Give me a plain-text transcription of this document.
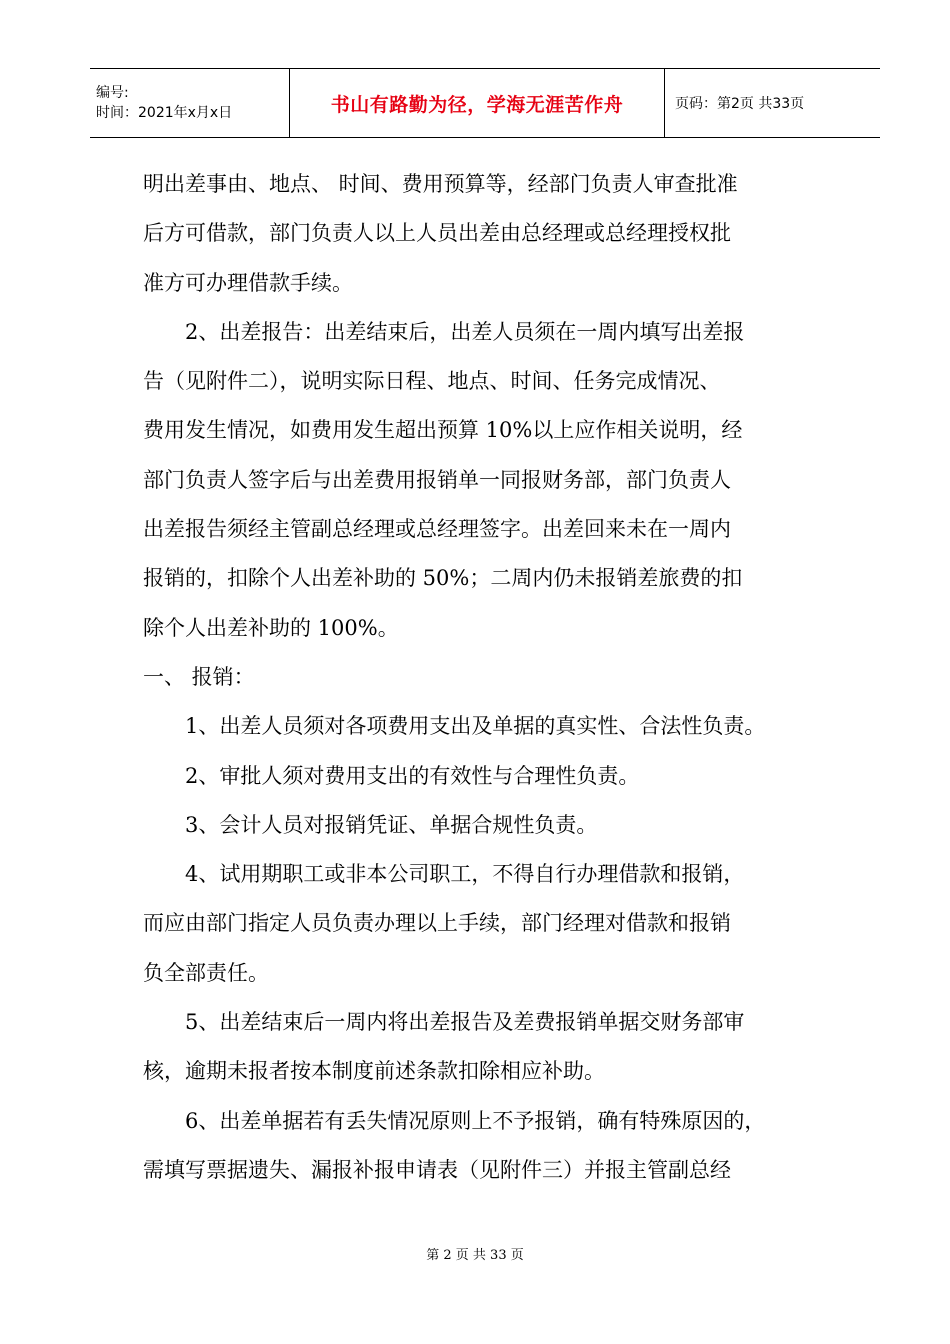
编号:
时间：2021年x月x日	书山有路勤为径，学海无涯苦作舟	页码：第2页 共33页
明出差事由、地点、 时间、费用预算等，经部门负责人审查批准
后方可借款，部门负责人以上人员出差由总经理或总经理授权批
准方可办理借款手续。
2、出差报告：出差结束后，出差人员须在一周内填写出差报
告（见附件二），说明实际日程、地点、时间、任务完成情况、
费用发生情况，如费用发生超出预算 10%以上应作相关说明，经
部门负责人签字后与出差费用报销单一同报财务部，部门负责人
出差报告须经主管副总经理或总经理签字。出差回来未在一周内
报销的，扣除个人出差补助的 50%；二周内仍未报销差旅费的扣
除个人出差补助的 100%。
一、 报销：
1、出差人员须对各项费用支出及单据的真实性、合法性负责。
2、审批人须对费用支出的有效性与合理性负责。
3、会计人员对报销凭证、单据合规性负责。
4、试用期职工或非本公司职工，不得自行办理借款和报销，
而应由部门指定人员负责办理以上手续，部门经理对借款和报销
负全部责任。
5、出差结束后一周内将出差报告及差费报销单据交财务部审
核，逾期未报者按本制度前述条款扣除相应补助。
6、出差单据若有丢失情况原则上不予报销，确有特殊原因的，
需填写票据遗失、漏报补报申请表（见附件三）并报主管副总经
第 2 页 共 33 页
